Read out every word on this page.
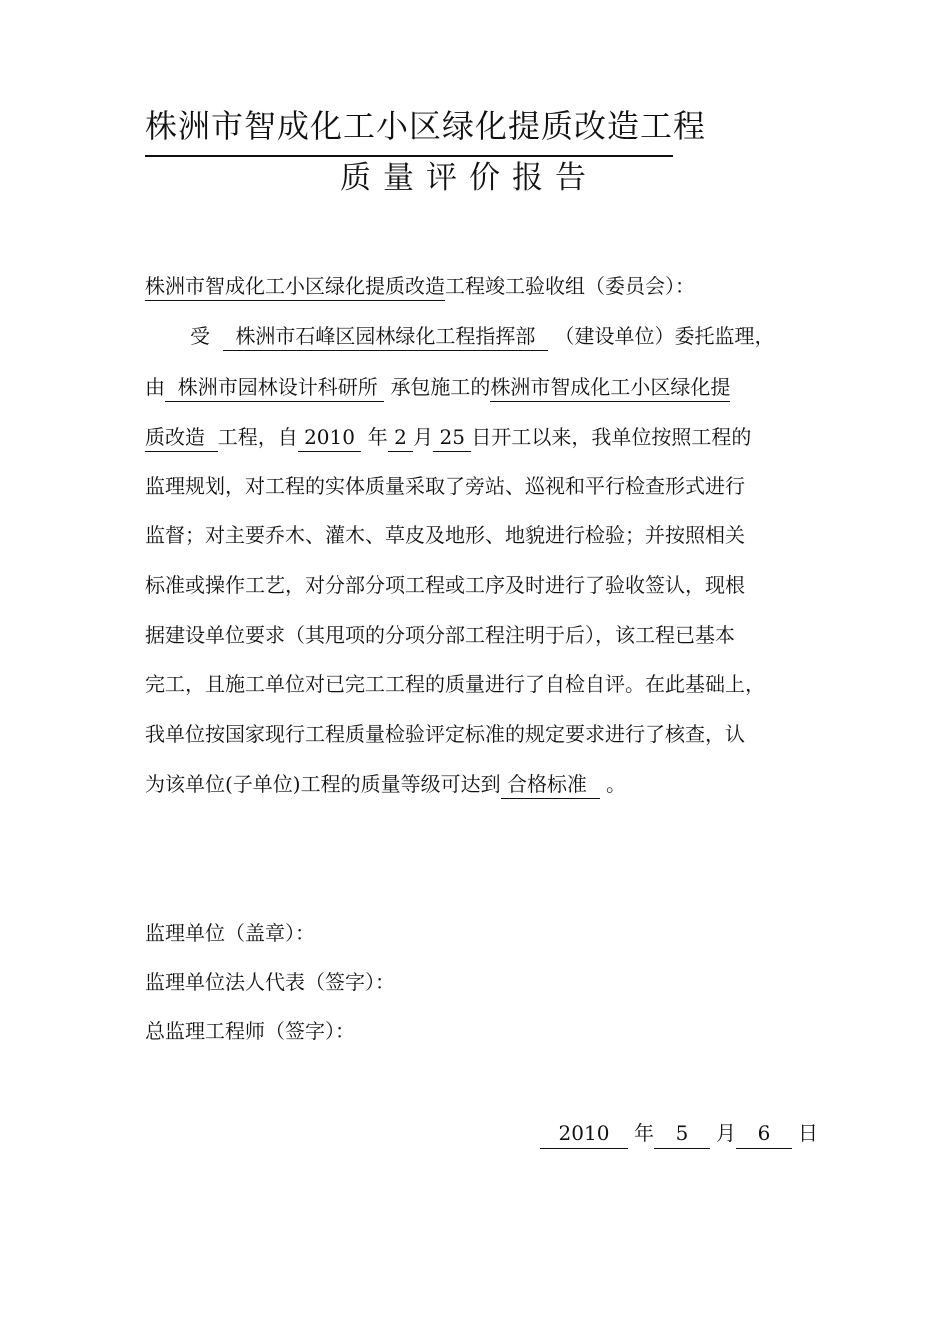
株洲市智成化工小区绿化提质改造工程
质量评价报告
株洲市智成化工小区绿化提质改造工程竣工验收组（委员会）：
受 株洲市石峰区园林绿化工程指挥部 （建设单位）委托监理，
由 株洲市园林设计科研所 承包施工的株洲市智成化工小区绿化提
质改造 工程，自 2010 年 2 月 25 日开工以来，我单位按照工程的
监理规划，对工程的实体质量采取了旁站、巡视和平行检查形式进行
监督；对主要乔木、灌木、草皮及地形、地貌进行检验；并按照相关
标准或操作工艺，对分部分项工程或工序及时进行了验收签认，现根
据建设单位要求（其甩项的分项分部工程注明于后），该工程已基本
完工，且施工单位对已完工工程的质量进行了自检自评。在此基础上，
我单位按国家现行工程质量检验评定标准的规定要求进行了核查，认
为该单位(子单位)工程的质量等级可达到 合格标准 。
监理单位（盖章）：
监理单位法人代表（签字）：
总监理工程师（签字）：
2010 年 5 月 6 日
